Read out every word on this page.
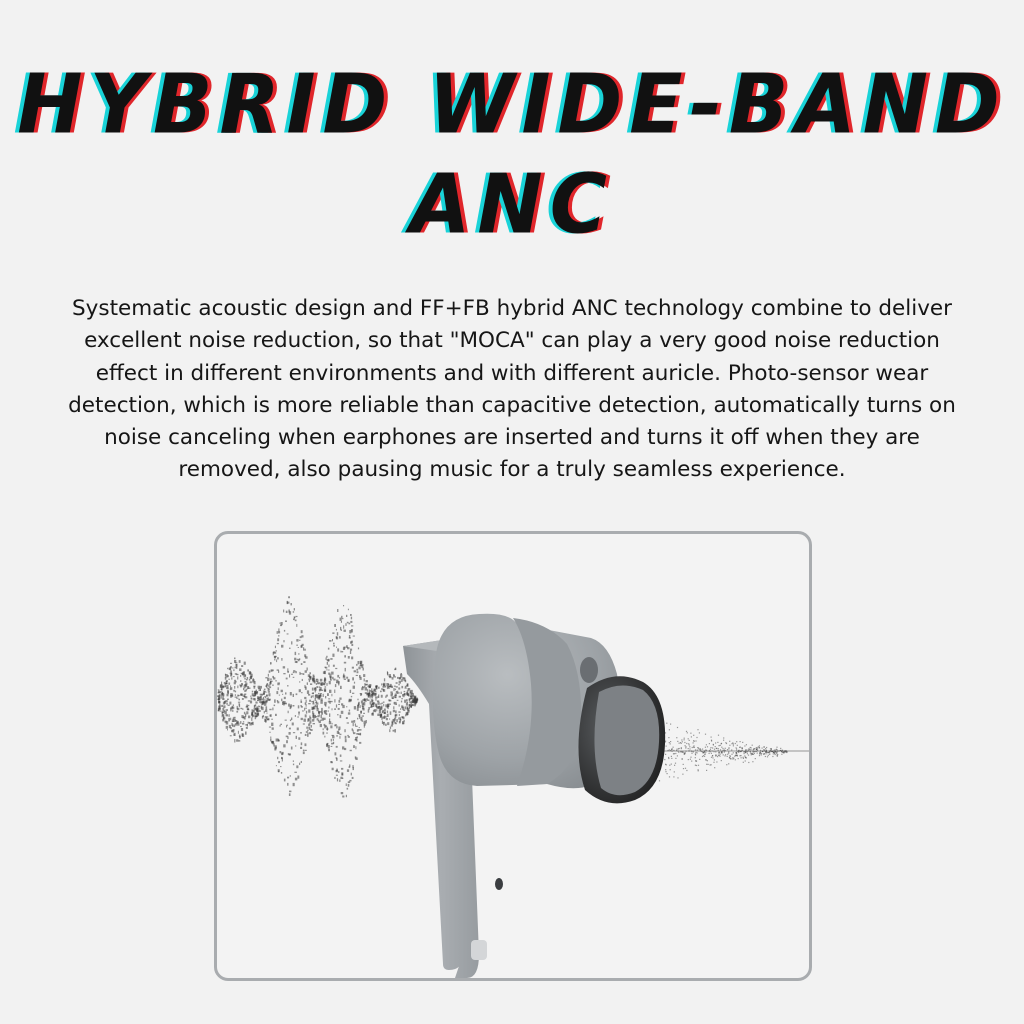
HYBRID WIDE-BAND
ANC

Systematic acoustic design and FF+FB hybrid ANC technology combine to deliver excellent noise reduction, so that "MOCA" can play a very good noise reduction effect in different environments and with different auricle. Photo-sensor wear detection, which is more reliable than capacitive detection, automatically turns on noise canceling when earphones are inserted and turns it off when they are removed, also pausing music for a truly seamless experience.
